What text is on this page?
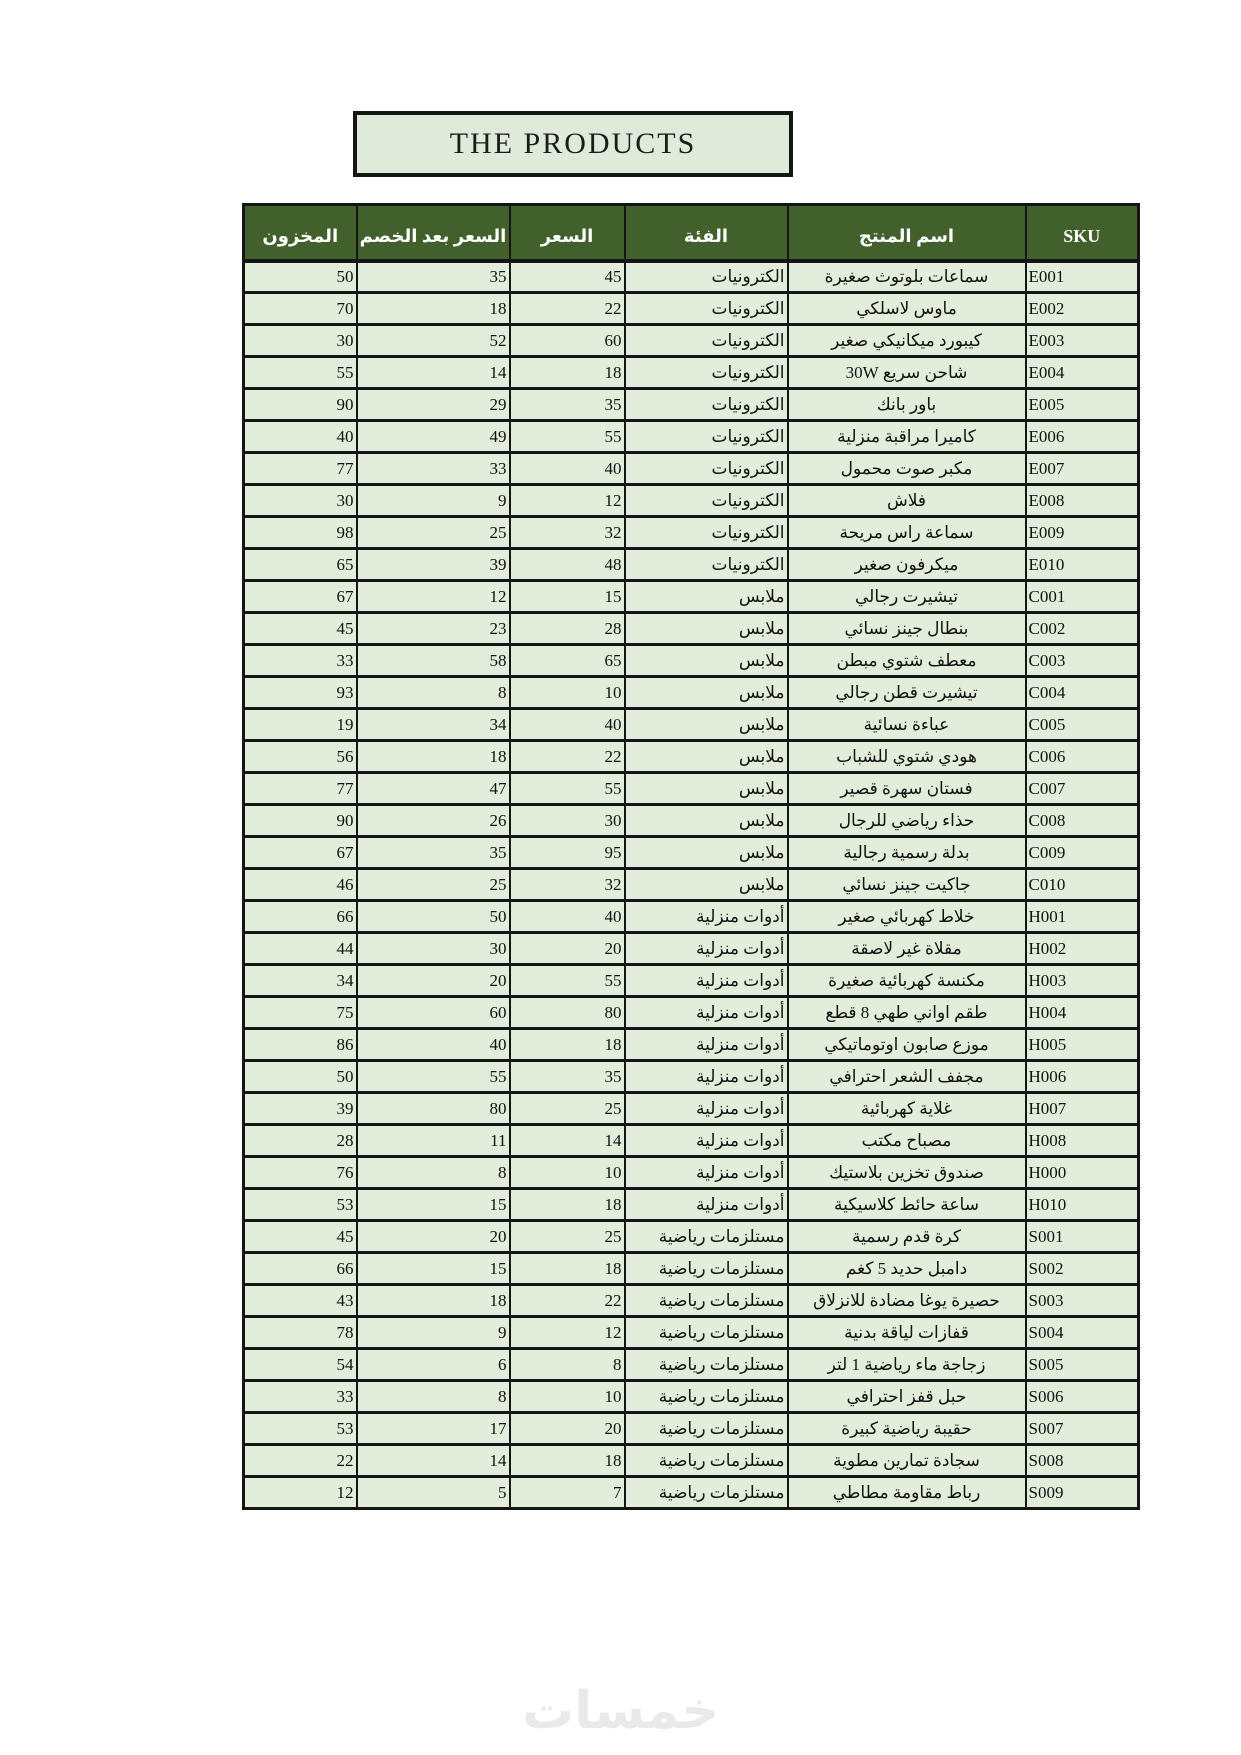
THE PRODUCTS
SKU	اسم المنتج	الفئة	السعر	السعر بعد الخصم	المخزون
E001	سماعات بلوتوث صغيرة	الكترونيات	45	35	50
E002	ماوس لاسلكي	الكترونيات	22	18	70
E003	كيبورد ميكانيكي صغير	الكترونيات	60	52	30
E004	شاحن سريع 30W	الكترونيات	18	14	55
E005	باور بانك	الكترونيات	35	29	90
E006	كاميرا مراقبة منزلية	الكترونيات	55	49	40
E007	مكبر صوت محمول	الكترونيات	40	33	77
E008	فلاش	الكترونيات	12	9	30
E009	سماعة راس مريحة	الكترونيات	32	25	98
E010	ميكرفون صغير	الكترونيات	48	39	65
C001	تيشيرت رجالي	ملابس	15	12	67
C002	بنطال جينز نسائي	ملابس	28	23	45
C003	معطف شتوي مبطن	ملابس	65	58	33
C004	تيشيرت قطن رجالي	ملابس	10	8	93
C005	عباءة نسائية	ملابس	40	34	19
C006	هودي شتوي للشباب	ملابس	22	18	56
C007	فستان سهرة قصير	ملابس	55	47	77
C008	حذاء رياضي للرجال	ملابس	30	26	90
C009	بدلة رسمية رجالية	ملابس	95	35	67
C010	جاكيت جينز نسائي	ملابس	32	25	46
H001	خلاط كهربائي صغير	أدوات منزلية	40	50	66
H002	مقلاة غير لاصقة	أدوات منزلية	20	30	44
H003	مكنسة كهربائية صغيرة	أدوات منزلية	55	20	34
H004	طقم اواني طهي 8 قطع	أدوات منزلية	80	60	75
H005	موزع صابون اوتوماتيكي	أدوات منزلية	18	40	86
H006	مجفف الشعر احترافي	أدوات منزلية	35	55	50
H007	غلاية كهربائية	أدوات منزلية	25	80	39
H008	مصباح مكتب	أدوات منزلية	14	11	28
H000	صندوق تخزين بلاستيك	أدوات منزلية	10	8	76
H010	ساعة حائط كلاسيكية	أدوات منزلية	18	15	53
S001	كرة قدم رسمية	مستلزمات رياضية	25	20	45
S002	دامبل حديد 5 كغم	مستلزمات رياضية	18	15	66
S003	حصيرة يوغا مضادة للانزلاق	مستلزمات رياضية	22	18	43
S004	قفازات لياقة بدنية	مستلزمات رياضية	12	9	78
S005	زجاجة ماء رياضية 1 لتر	مستلزمات رياضية	8	6	54
S006	حبل قفز احترافي	مستلزمات رياضية	10	8	33
S007	حقيبة رياضية كبيرة	مستلزمات رياضية	20	17	53
S008	سجادة تمارين مطوية	مستلزمات رياضية	18	14	22
S009	رباط مقاومة مطاطي	مستلزمات رياضية	7	5	12
خمسات
